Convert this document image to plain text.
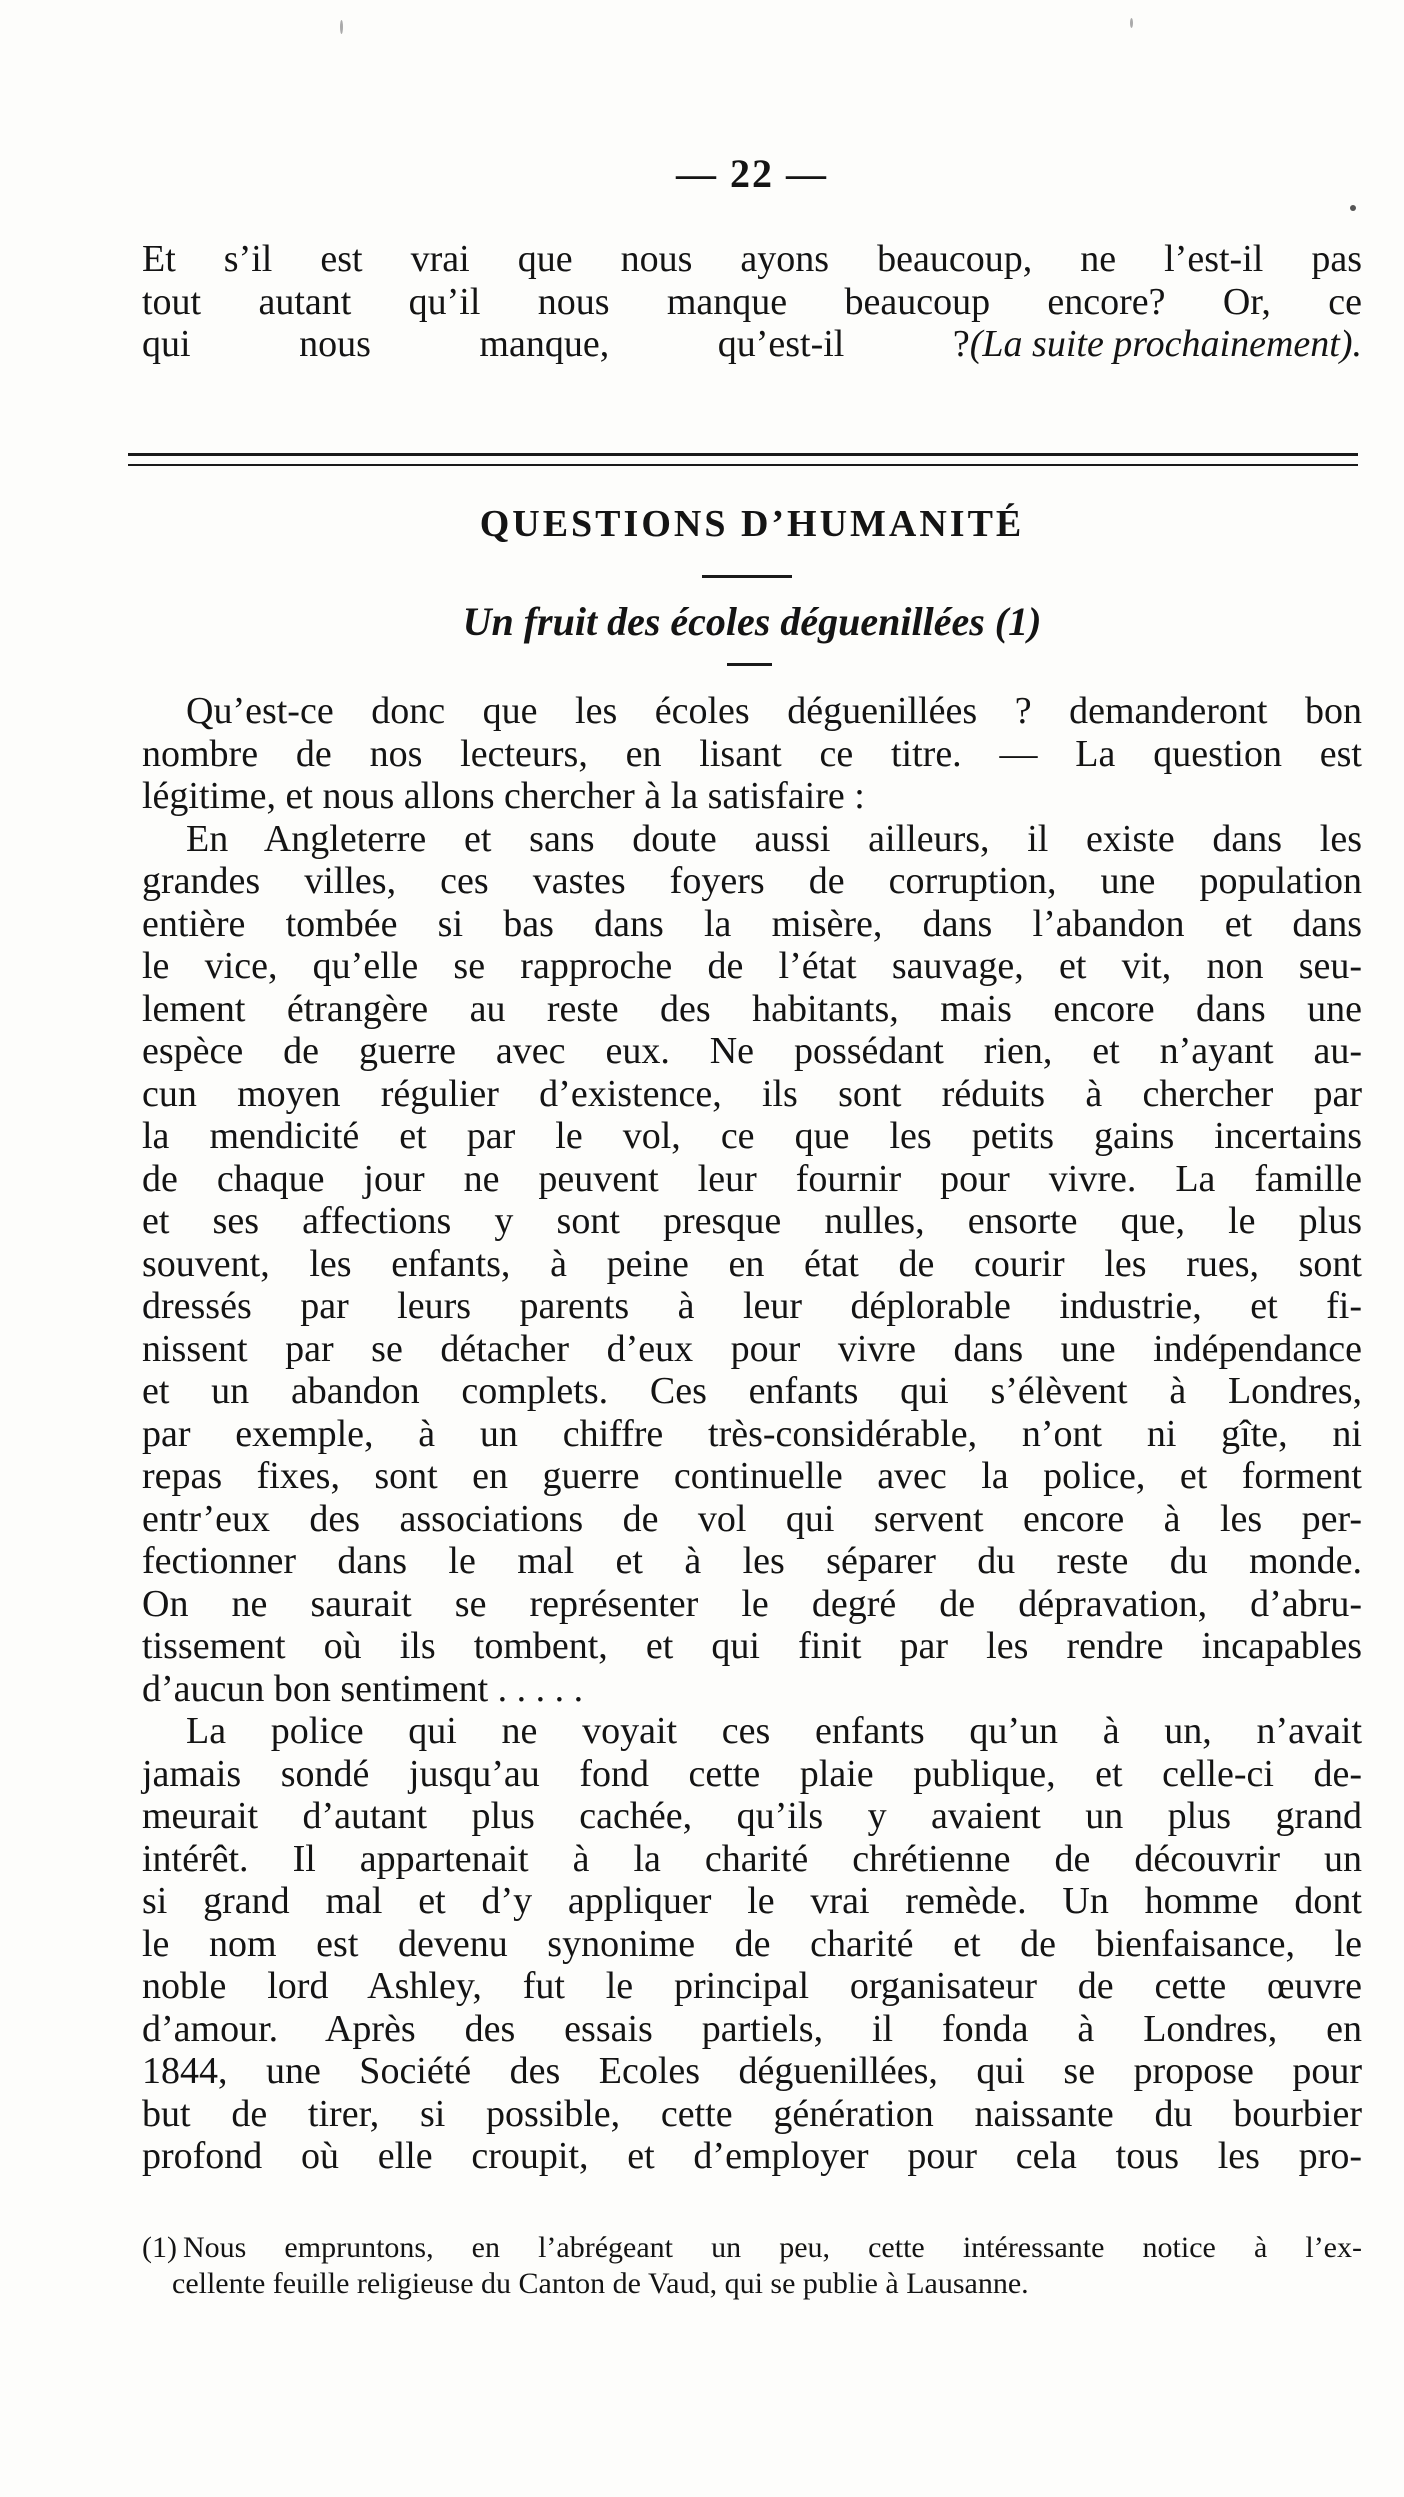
— 22 —

Et s’il est vrai que nous ayons beaucoup, ne l’est-il pas
tout autant qu’il nous manque beaucoup encore? Or, ce
qui nous manque, qu’est-il ? (La suite prochainement).

QUESTIONS D’HUMANITÉ
Un fruit des écoles déguenillées (1)

Qu’est-ce donc que les écoles déguenillées ? demanderont bon
nombre de nos lecteurs, en lisant ce titre. — La question est
légitime, et nous allons chercher à la satisfaire :

En Angleterre et sans doute aussi ailleurs, il existe dans les
grandes villes, ces vastes foyers de corruption, une population
entière tombée si bas dans la misère, dans l’abandon et dans
le vice, qu’elle se rapproche de l’état sauvage, et vit, non seu-
lement étrangère au reste des habitants, mais encore dans une
espèce de guerre avec eux. Ne possédant rien, et n’ayant au-
cun moyen régulier d’existence, ils sont réduits à chercher par
la mendicité et par le vol, ce que les petits gains incertains
de chaque jour ne peuvent leur fournir pour vivre. La famille
et ses affections y sont presque nulles, ensorte que, le plus
souvent, les enfants, à peine en état de courir les rues, sont
dressés par leurs parents à leur déplorable industrie, et fi-
nissent par se détacher d’eux pour vivre dans une indépendance
et un abandon complets. Ces enfants qui s’élèvent à Londres,
par exemple, à un chiffre très-considérable, n’ont ni gîte, ni
repas fixes, sont en guerre continuelle avec la police, et forment
entr’eux des associations de vol qui servent encore à les per-
fectionner dans le mal et à les séparer du reste du monde.
On ne saurait se représenter le degré de dépravation, d’abru-
tissement où ils tombent, et qui finit par les rendre incapables
d’aucun bon sentiment . . . . .

La police qui ne voyait ces enfants qu’un à un, n’avait
jamais sondé jusqu’au fond cette plaie publique, et celle-ci de-
meurait d’autant plus cachée, qu’ils y avaient un plus grand
intérêt. Il appartenait à la charité chrétienne de découvrir un
si grand mal et d’y appliquer le vrai remède. Un homme dont
le nom est devenu synonime de charité et de bienfaisance, le
noble lord Ashley, fut le principal organisateur de cette œuvre
d’amour. Après des essais partiels, il fonda à Londres, en
1844, une Société des Ecoles déguenillées, qui se propose pour
but de tirer, si possible, cette génération naissante du bourbier
profond où elle croupit, et d’employer pour cela tous les pro-

(1) Nous empruntons, en l’abrégeant un peu, cette intéressante notice à l’ex-
cellente feuille religieuse du Canton de Vaud, qui se publie à Lausanne.
